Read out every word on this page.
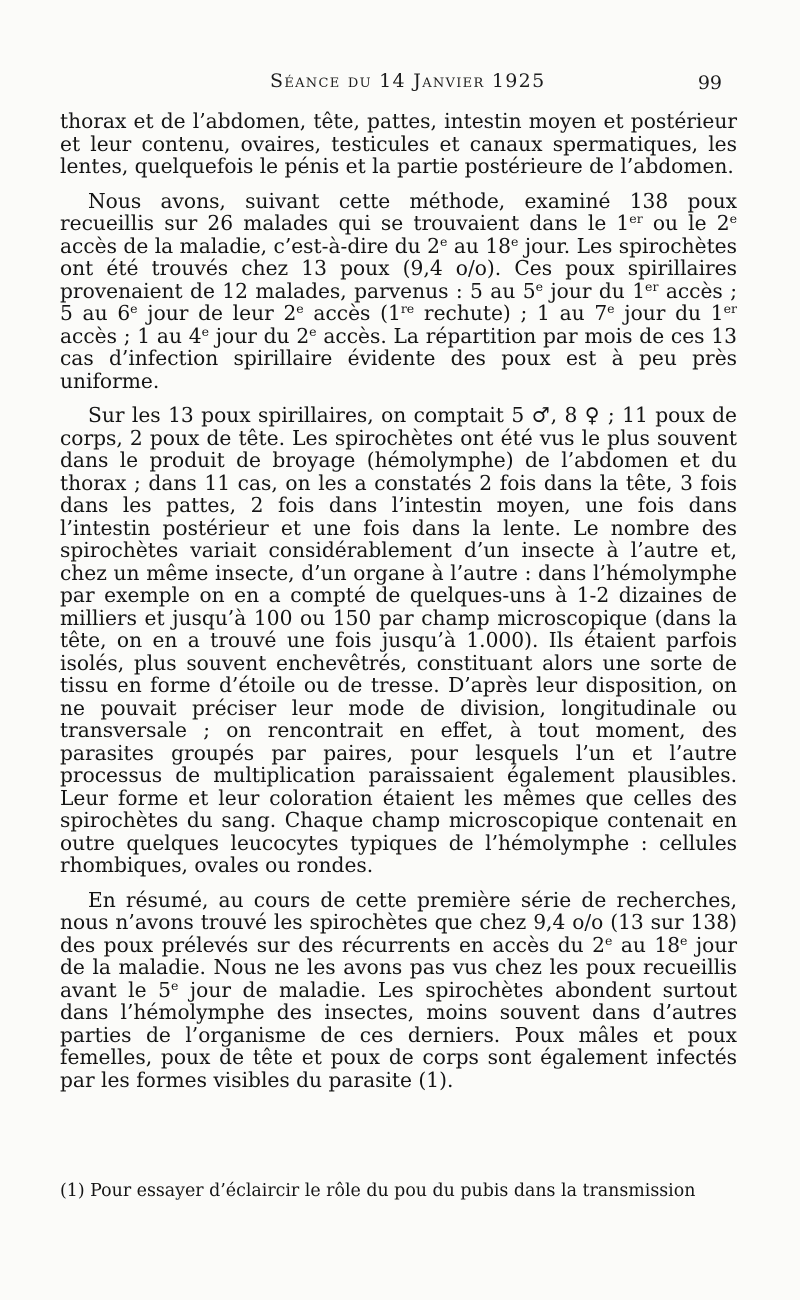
Séance du 14 Janvier 1925	99

thorax et de l’abdomen, tête, pattes, intestin moyen et postérieur et leur contenu, ovaires, testicules et canaux spermatiques, les lentes, quelquefois le pénis et la partie postérieure de l’abdomen.

Nous avons, suivant cette méthode, examiné 138 poux recueillis sur 26 malades qui se trouvaient dans le 1er ou le 2e accès de la maladie, c’est-à-dire du 2e au 18e jour. Les spirochètes ont été trouvés chez 13 poux (9,4 o/o). Ces poux spirillaires provenaient de 12 malades, parvenus : 5 au 5e jour du 1er accès ; 5 au 6e jour de leur 2e accès (1re rechute) ; 1 au 7e jour du 1er accès ; 1 au 4e jour du 2e accès. La répartition par mois de ces 13 cas d’infection spirillaire évidente des poux est à peu près uniforme.

Sur les 13 poux spirillaires, on comptait 5 ♂, 8 ♀ ; 11 poux de corps, 2 poux de tête. Les spirochètes ont été vus le plus souvent dans le produit de broyage (hémolymphe) de l’abdomen et du thorax ; dans 11 cas, on les a constatés 2 fois dans la tête, 3 fois dans les pattes, 2 fois dans l’intestin moyen, une fois dans l’intestin postérieur et une fois dans la lente. Le nombre des spirochètes variait considérablement d’un insecte à l’autre et, chez un même insecte, d’un organe à l’autre : dans l’hémolymphe par exemple on en a compté de quelques-uns à 1-2 dizaines de milliers et jusqu’à 100 ou 150 par champ microscopique (dans la tête, on en a trouvé une fois jusqu’à 1.000). Ils étaient parfois isolés, plus souvent enchevêtrés, constituant alors une sorte de tissu en forme d’étoile ou de tresse. D’après leur disposition, on ne pouvait préciser leur mode de division, longitudinale ou transversale ; on rencontrait en effet, à tout moment, des parasites groupés par paires, pour lesquels l’un et l’autre processus de multiplication paraissaient également plausibles. Leur forme et leur coloration étaient les mêmes que celles des spirochètes du sang. Chaque champ microscopique contenait en outre quelques leucocytes typiques de l’hémolymphe : cellules rhombiques, ovales ou rondes.

En résumé, au cours de cette première série de recherches, nous n’avons trouvé les spirochètes que chez 9,4 o/o (13 sur 138) des poux prélevés sur des récurrents en accès du 2e au 18e jour de la maladie. Nous ne les avons pas vus chez les poux recueillis avant le 5e jour de maladie. Les spirochètes abondent surtout dans l’hémolymphe des insectes, moins souvent dans d’autres parties de l’organisme de ces derniers. Poux mâles et poux femelles, poux de tête et poux de corps sont également infectés par les formes visibles du parasite (1).

(1) Pour essayer d’éclaircir le rôle du pou du pubis dans la transmission
